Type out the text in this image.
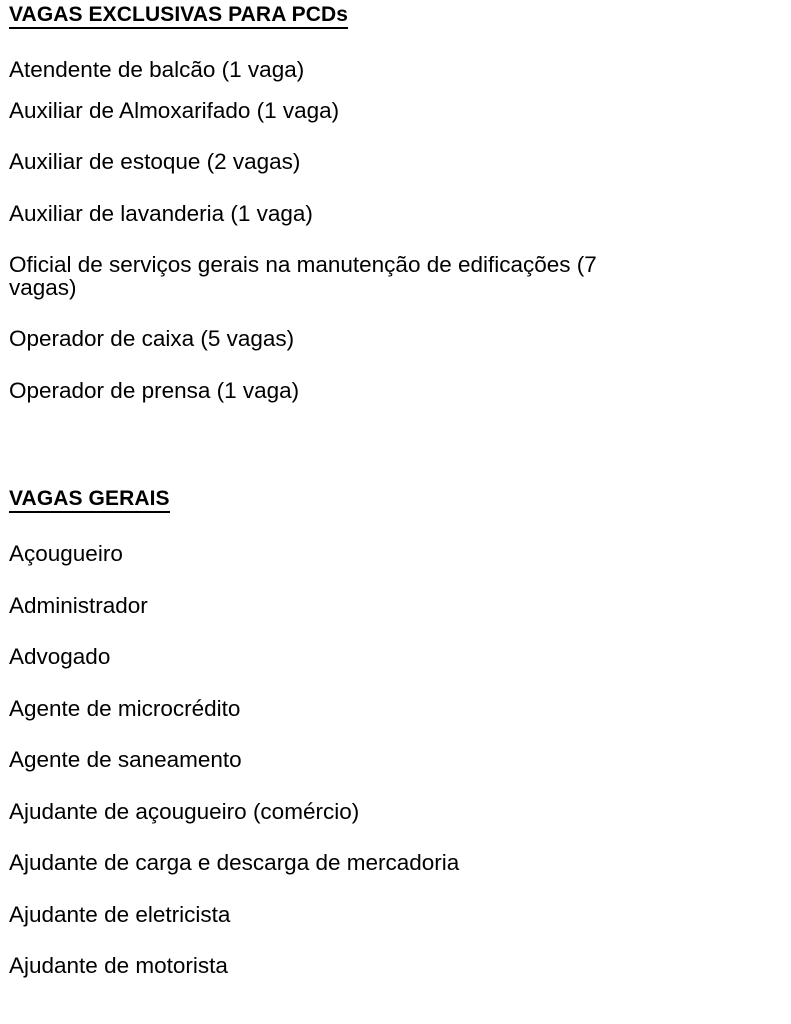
VAGAS EXCLUSIVAS PARA PCDs
Atendente de balcão (1 vaga)
Auxiliar de Almoxarifado (1 vaga)
Auxiliar de estoque (2 vagas)
Auxiliar de lavanderia (1 vaga)
Oficial de serviços gerais na manutenção de edificações (7 vagas)
Operador de caixa (5 vagas)
Operador de prensa (1 vaga)
VAGAS GERAIS
Açougueiro
Administrador
Advogado
Agente de microcrédito
Agente de saneamento
Ajudante de açougueiro (comércio)
Ajudante de carga e descarga de mercadoria
Ajudante de eletricista
Ajudante de motorista
